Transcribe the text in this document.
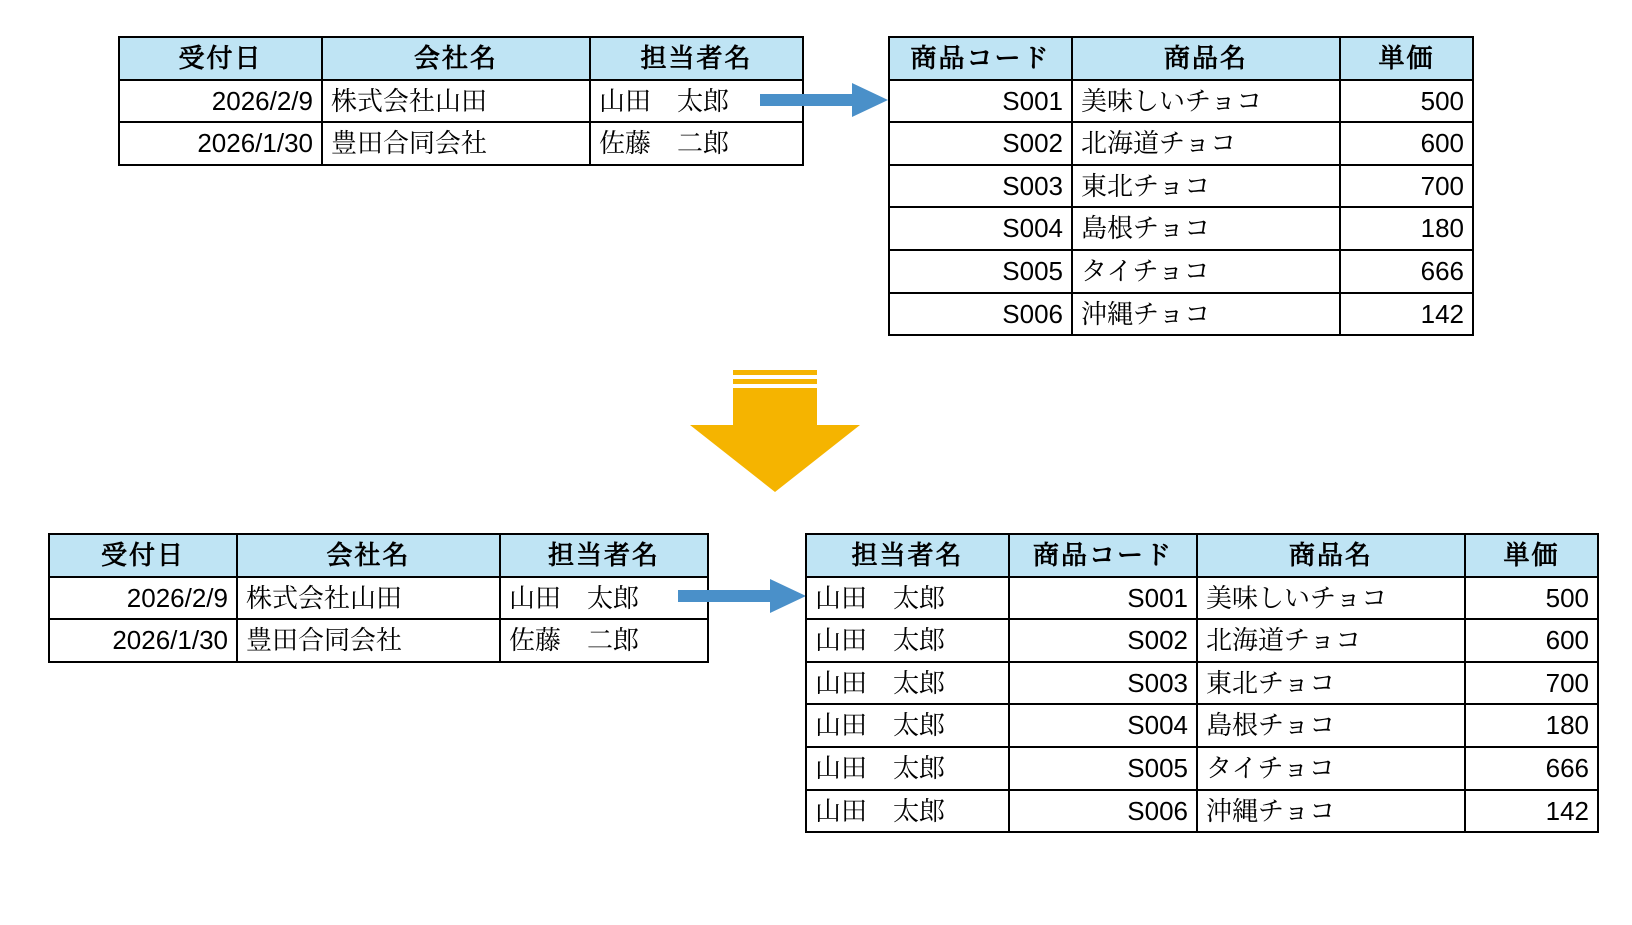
受付日	会社名	担当者名
2026/2/9	株式会社山田	山田　太郎
2026/1/30	豊田合同会社	佐藤　二郎
商品コード	商品名	単価
S001	美味しいチョコ	500
S002	北海道チョコ	600
S003	東北チョコ	700
S004	島根チョコ	180
S005	タイチョコ	666
S006	沖縄チョコ	142
受付日	会社名	担当者名
2026/2/9	株式会社山田	山田　太郎
2026/1/30	豊田合同会社	佐藤　二郎
担当者名	商品コード	商品名	単価
山田　太郎	S001	美味しいチョコ	500
山田　太郎	S002	北海道チョコ	600
山田　太郎	S003	東北チョコ	700
山田　太郎	S004	島根チョコ	180
山田　太郎	S005	タイチョコ	666
山田　太郎	S006	沖縄チョコ	142
